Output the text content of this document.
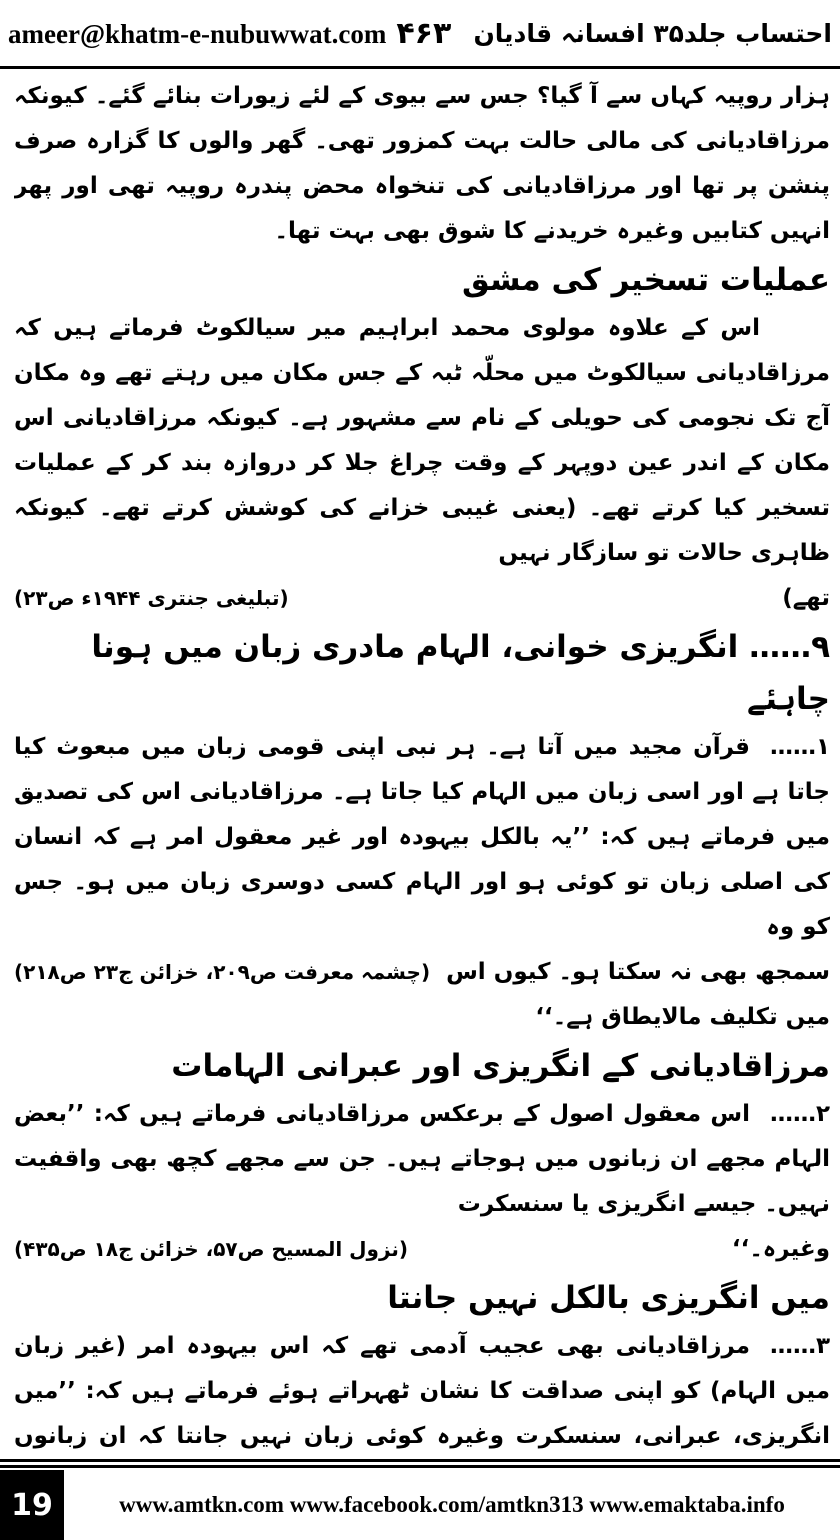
ameer@khatm-e-nubuwwat.com ۴۶۳ احتساب جلد۳۵ افسانہ قادیان

ہزار روپیہ کہاں سے آ گیا؟ جس سے بیوی کے لئے زیورات بنائے گئے۔ کیونکہ مرزاقادیانی کی مالی حالت بہت کمزور تھی۔ گھر والوں کا گزارہ صرف پنشن پر تھا اور مرزاقادیانی کی تنخواہ محض پندرہ روپیہ تھی اور پھر انہیں کتابیں وغیرہ خریدنے کا شوق بھی بہت تھا۔

عملیات تسخیر کی مشق

اس کے علاوہ مولوی محمد ابراہیم میر سیالکوٹ فرماتے ہیں کہ مرزاقادیانی سیالکوٹ میں محلّہ ٹبہ کے جس مکان میں رہتے تھے وہ مکان آج تک نجومی کی حویلی کے نام سے مشہور ہے۔ کیونکہ مرزاقادیانی اس مکان کے اندر عین دوپہر کے وقت چراغ جلا کر دروازہ بند کر کے عملیات تسخیر کیا کرتے تھے۔ (یعنی غیبی خزانے کی کوشش کرتے تھے۔ کیونکہ ظاہری حالات تو سازگار نہیں

تھے)
(تبلیغی جنتری ۱۹۴۴ء ص۲۳)

۹…… انگریزی خوانی، الہام مادری زبان میں ہونا چاہئے

۱……قرآن مجید میں آتا ہے۔ ہر نبی اپنی قومی زبان میں مبعوث کیا جاتا ہے اور اسی زبان میں الہام کیا جاتا ہے۔ مرزاقادیانی اس کی تصدیق میں فرماتے ہیں کہ: ’’یہ بالکل بیہودہ اور غیر معقول امر ہے کہ انسان کی اصلی زبان تو کوئی ہو اور الہام کسی دوسری زبان میں ہو۔ جس کو وہ

سمجھ بھی نہ سکتا ہو۔ کیوں اس میں تکلیف مالایطاق ہے۔‘‘
(چشمہ معرفت ص۲۰۹، خزائن ج۲۳ ص۲۱۸)

مرزاقادیانی کے انگریزی اور عبرانی الہامات

۲……اس معقول اصول کے برعکس مرزاقادیانی فرماتے ہیں کہ: ’’بعض الہام مجھے ان زبانوں میں ہوجاتے ہیں۔ جن سے مجھے کچھ بھی واقفیت نہیں۔ جیسے انگریزی یا سنسکرت

وغیرہ۔‘‘
(نزول المسیح ص۵۷، خزائن ج۱۸ ص۴۳۵)

میں انگریزی بالکل نہیں جانتا

۳……مرزاقادیانی بھی عجیب آدمی تھے کہ اس بیہودہ امر (غیر زبان میں الہام) کو اپنی صداقت کا نشان ٹھہراتے ہوئے فرماتے ہیں کہ: ’’میں انگریزی، عبرانی، سنسکرت وغیرہ کوئی زبان نہیں جانتا کہ ان زبانوں

19	www.amtkn.com www.facebook.com/amtkn313 www.emaktaba.info
